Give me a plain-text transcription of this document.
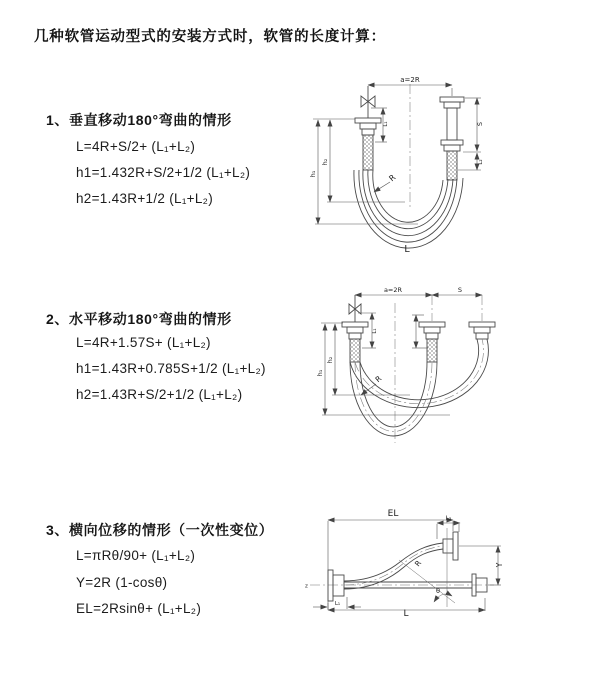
几种软管运动型式的安装方式时，软管的长度计算：
1、垂直移动180°弯曲的情形
L=4R+S/2+ (L₁+L₂)
h1=1.432R+S/2+1/2 (L₁+L₂)
h2=1.43R+1/2 (L₁+L₂)
2、水平移动180°弯曲的情形
L=4R+1.57S+ (L₁+L₂)
h1=1.43R+0.785S+1/2 (L₁+L₂)
h2=1.43R+S/2+1/2 (L₁+L₂)
3、横向位移的情形（一次性变位）
L=πRθ/90+ (L₁+L₂)
Y=2R (1-cosθ)
EL=2Rsinθ+ (L₁+L₂)
a=2R
h₁
h₂
L₁	S
L₂
R
L
a=2R	S
h₁
h₂
L₁
R
z
EL	L₂
Y
L
L₁
R
θ
